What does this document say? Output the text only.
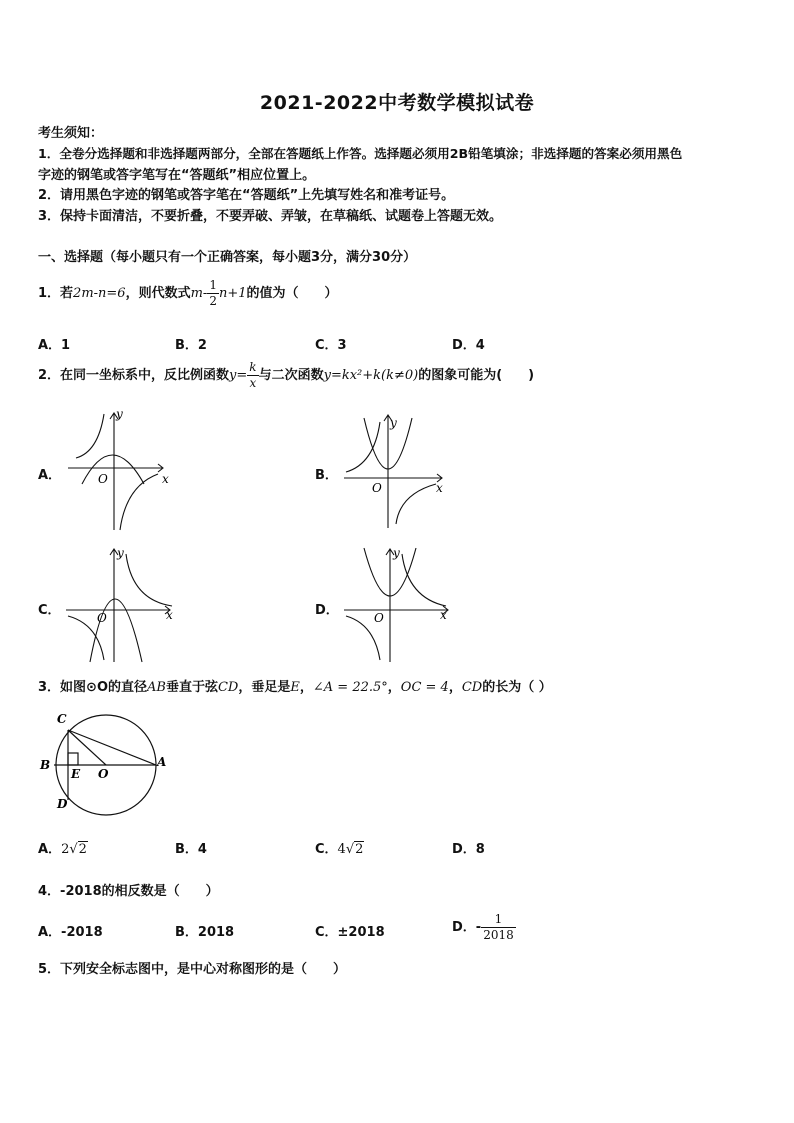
2021-2022中考数学模拟试卷
考生须知：
1．全卷分选择题和非选择题两部分，全部在答题纸上作答。选择题必须用2B铅笔填涂；非选择题的答案必须用黑色
字迹的钢笔或答字笔写在“答题纸”相应位置上。
2．请用黑色字迹的钢笔或答字笔在“答题纸”上先填写姓名和准考证号。
3．保持卡面清洁，不要折叠，不要弄破、弄皱，在草稿纸、试题卷上答题无效。
一、选择题（每小题只有一个正确答案，每小题3分，满分30分）
1．若2m-n=6，则代数式$m- \frac{1}{2} n+1$的值为（　　）
A．1	B．2	C．3	D．4
2．在同一坐标系中，反比例函数$y= \frac{k}{x}$ 与二次函数y=kx²+k(k≠0)的图象可能为(　　)
A．	B．
C．	D．
x
y
O
x
y
O
x
y
O	x
y
O
3．如图⊙O的直径AB垂直于弦CD，垂足是E，∠A = 22.5°，OC = 4，CD的长为（ ）
C
B
E O
A
D
A．2√2	B．4	C．4√2	D．8
4．-2018的相反数是（　　）
A．-2018	B．2018	C．±2018	D．- $\frac{1}{2018}$
5．下列安全标志图中，是中心对称图形的是（　　）
